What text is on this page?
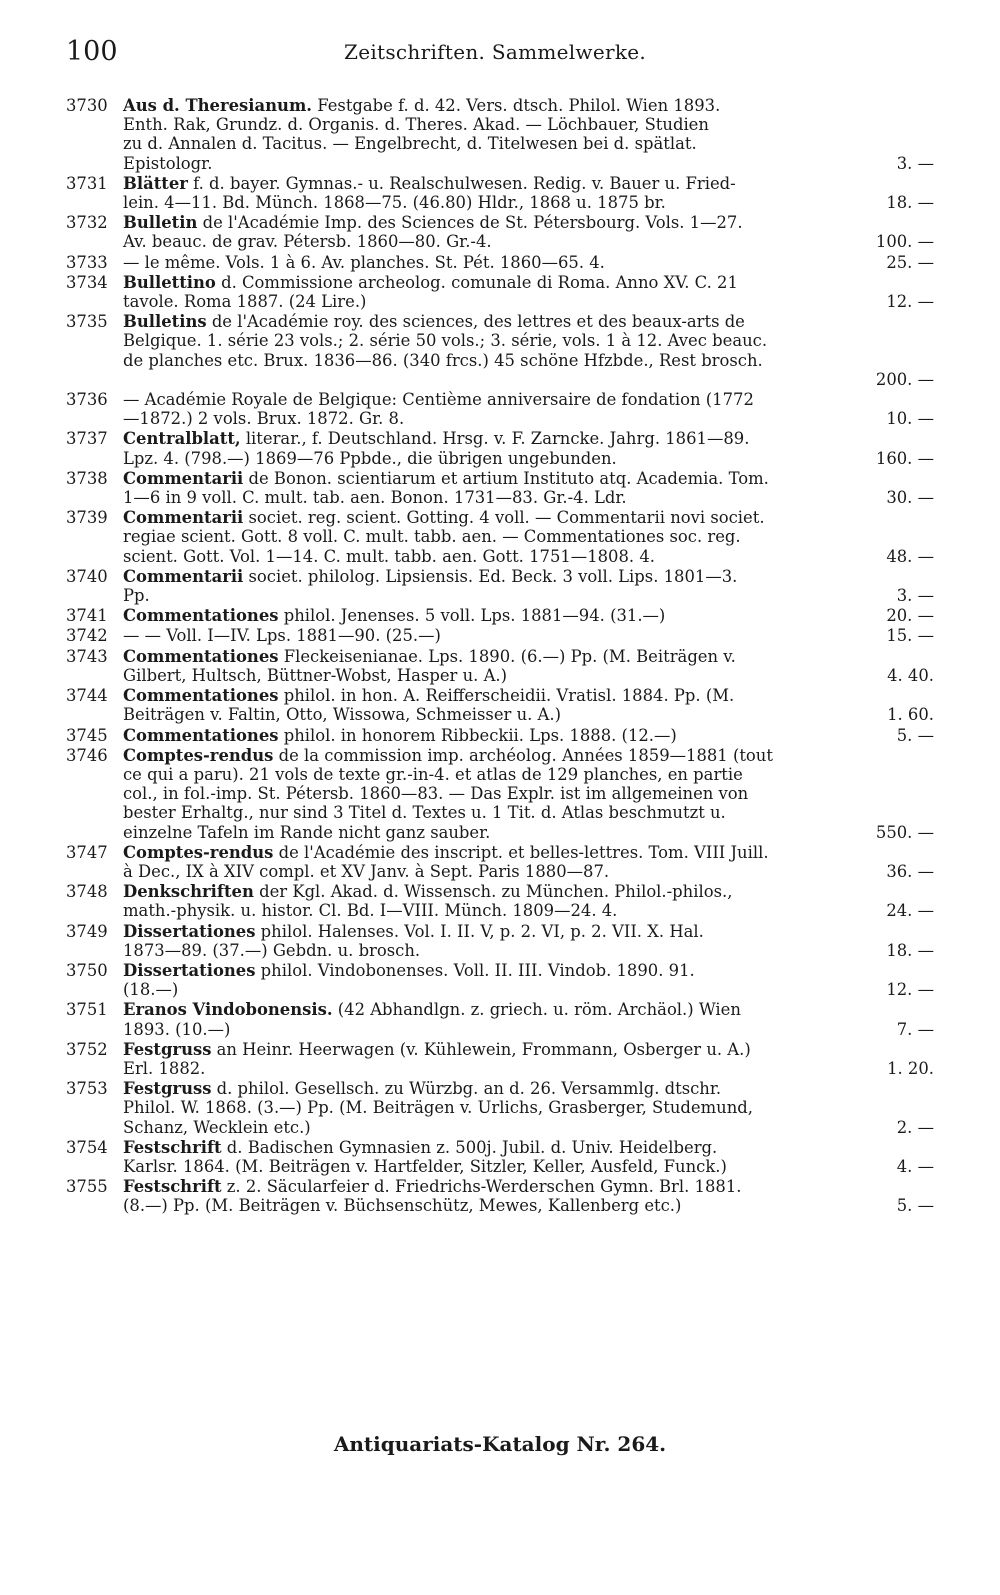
100	Zeitschriften. Sammelwerke.
3730 Aus d. Theresianum. Festgabe f. d. 42. Vers. dtsch. Philol. Wien 1893.
Enth. Rak, Grundz. d. Organis. d. Theres. Akad. — Löchbauer, Studien
zu d. Annalen d. Tacitus. — Engelbrecht, d. Titelwesen bei d. spätlat.
Epistologr.	3. —
3731 Blätter f. d. bayer. Gymnas.- u. Realschulwesen. Redig. v. Bauer u. Fried-
lein. 4—11. Bd. Münch. 1868—75. (46.80) Hldr., 1868 u. 1875 br.	18. —
3732 Bulletin de l'Académie Imp. des Sciences de St. Pétersbourg. Vols. 1—27.
Av. beauc. de grav. Pétersb. 1860—80. Gr.-4.	100. —
3733 — le même. Vols. 1 à 6. Av. planches. St. Pét. 1860—65. 4.	25. —
3734 Bullettino d. Commissione archeolog. comunale di Roma. Anno XV. C. 21
tavole. Roma 1887. (24 Lire.)	12. —
3735 Bulletins de l'Académie roy. des sciences, des lettres et des beaux-arts de
Belgique. 1. série 23 vols.; 2. série 50 vols.; 3. série, vols. 1 à 12. Avec beauc.
de planches etc. Brux. 1836—86. (340 frcs.) 45 schöne Hfzbde., Rest brosch.
200. —
3736 — Académie Royale de Belgique: Centième anniversaire de fondation (1772
—1872.) 2 vols. Brux. 1872. Gr. 8.	10. —
3737 Centralblatt, literar., f. Deutschland. Hrsg. v. F. Zarncke. Jahrg. 1861—89.
Lpz. 4. (798.—) 1869—76 Ppbde., die übrigen ungebunden.	160. —
3738 Commentarii de Bonon. scientiarum et artium Instituto atq. Academia. Tom.
1—6 in 9 voll. C. mult. tab. aen. Bonon. 1731—83. Gr.-4. Ldr.	30. —
3739 Commentarii societ. reg. scient. Gotting. 4 voll. — Commentarii novi societ.
regiae scient. Gott. 8 voll. C. mult. tabb. aen. — Commentationes soc. reg.
scient. Gott. Vol. 1—14. C. mult. tabb. aen. Gott. 1751—1808. 4.	48. —
3740 Commentarii societ. philolog. Lipsiensis. Ed. Beck. 3 voll. Lips. 1801—3.
Pp.	3. —
3741 Commentationes philol. Jenenses. 5 voll. Lps. 1881—94. (31.—)	20. —
3742 — — Voll. I—IV. Lps. 1881—90. (25.—)	15. —
3743 Commentationes Fleckeisenianae. Lps. 1890. (6.—) Pp. (M. Beiträgen v.
Gilbert, Hultsch, Büttner-Wobst, Hasper u. A.)	4. 40.
3744 Commentationes philol. in hon. A. Reifferscheidii. Vratisl. 1884. Pp. (M.
Beiträgen v. Faltin, Otto, Wissowa, Schmeisser u. A.)	1. 60.
3745 Commentationes philol. in honorem Ribbeckii. Lps. 1888. (12.—)	5. —
3746 Comptes-rendus de la commission imp. archéolog. Années 1859—1881 (tout
ce qui a paru). 21 vols de texte gr.-in-4. et atlas de 129 planches, en partie
col., in fol.-imp. St. Pétersb. 1860—83. — Das Explr. ist im allgemeinen von
bester Erhaltg., nur sind 3 Titel d. Textes u. 1 Tit. d. Atlas beschmutzt u.
einzelne Tafeln im Rande nicht ganz sauber.	550. —
3747 Comptes-rendus de l'Académie des inscript. et belles-lettres. Tom. VIII Juill.
à Dec., IX à XIV compl. et XV Janv. à Sept. Paris 1880—87.	36. —
3748 Denkschriften der Kgl. Akad. d. Wissensch. zu München. Philol.-philos.,
math.-physik. u. histor. Cl. Bd. I—VIII. Münch. 1809—24. 4.	24. —
3749 Dissertationes philol. Halenses. Vol. I. II. V, p. 2. VI, p. 2. VII. X. Hal.
1873—89. (37.—) Gebdn. u. brosch.	18. —
3750 Dissertationes philol. Vindobonenses. Voll. II. III. Vindob. 1890. 91.
(18.—)	12. —
3751 Eranos Vindobonensis. (42 Abhandlgn. z. griech. u. röm. Archäol.) Wien
1893. (10.—)	7. —
3752 Festgruss an Heinr. Heerwagen (v. Kühlewein, Frommann, Osberger u. A.)
Erl. 1882.	1. 20.
3753 Festgruss d. philol. Gesellsch. zu Würzbg. an d. 26. Versammlg. dtschr.
Philol. W. 1868. (3.—) Pp. (M. Beiträgen v. Urlichs, Grasberger, Studemund,
Schanz, Wecklein etc.)	2. —
3754 Festschrift d. Badischen Gymnasien z. 500j. Jubil. d. Univ. Heidelberg.
Karlsr. 1864. (M. Beiträgen v. Hartfelder, Sitzler, Keller, Ausfeld, Funck.)	4. —
3755 Festschrift z. 2. Säcularfeier d. Friedrichs-Werderschen Gymn. Brl. 1881.
(8.—) Pp. (M. Beiträgen v. Büchsenschütz, Mewes, Kallenberg etc.)	5. —
Antiquariats-Katalog Nr. 264.
